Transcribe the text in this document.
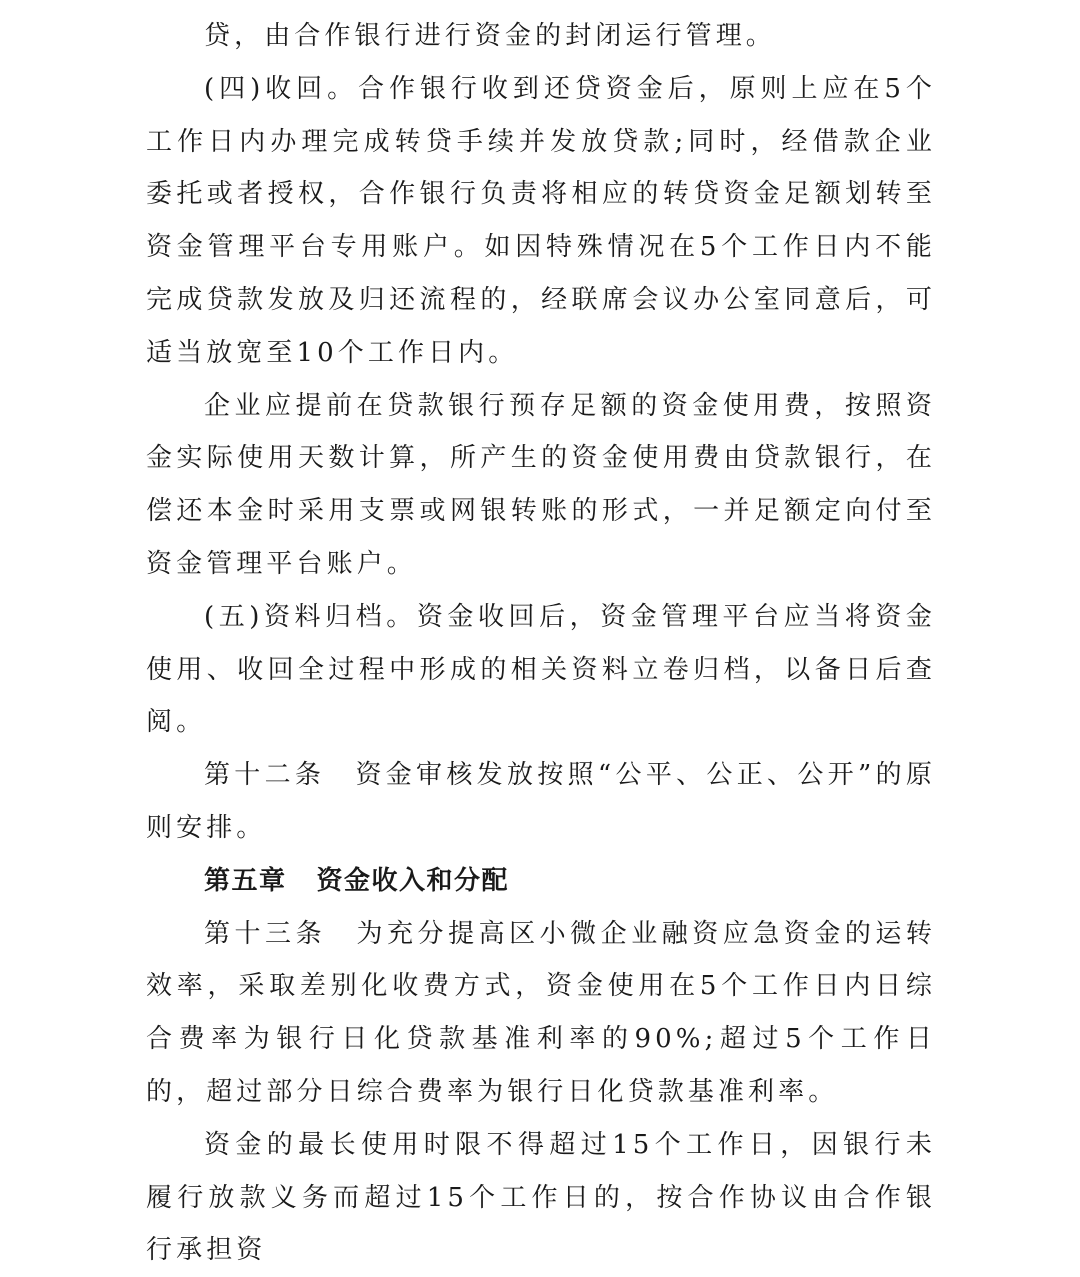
贷，由合作银行进行资金的封闭运行管理。

(四)收回。合作银行收到还贷资金后，原则上应在5个工作日内办理完成转贷手续并发放贷款;同时，经借款企业委托或者授权，合作银行负责将相应的转贷资金足额划转至资金管理平台专用账户。如因特殊情况在5个工作日内不能完成贷款发放及归还流程的，经联席会议办公室同意后，可适当放宽至10个工作日内。

企业应提前在贷款银行预存足额的资金使用费，按照资金实际使用天数计算，所产生的资金使用费由贷款银行，在偿还本金时采用支票或网银转账的形式，一并足额定向付至资金管理平台账户。

(五)资料归档。资金收回后，资金管理平台应当将资金使用、收回全过程中形成的相关资料立卷归档，以备日后查阅。

第十二条 资金审核发放按照“公平、公正、公开”的原则安排。

第五章 资金收入和分配

第十三条 为充分提高区小微企业融资应急资金的运转效率，采取差别化收费方式，资金使用在5个工作日内日综合费率为银行日化贷款基准利率的90%;超过5个工作日的，超过部分日综合费率为银行日化贷款基准利率。

资金的最长使用时限不得超过15个工作日，因银行未履行放款义务而超过15个工作日的，按合作协议由合作银行承担资
